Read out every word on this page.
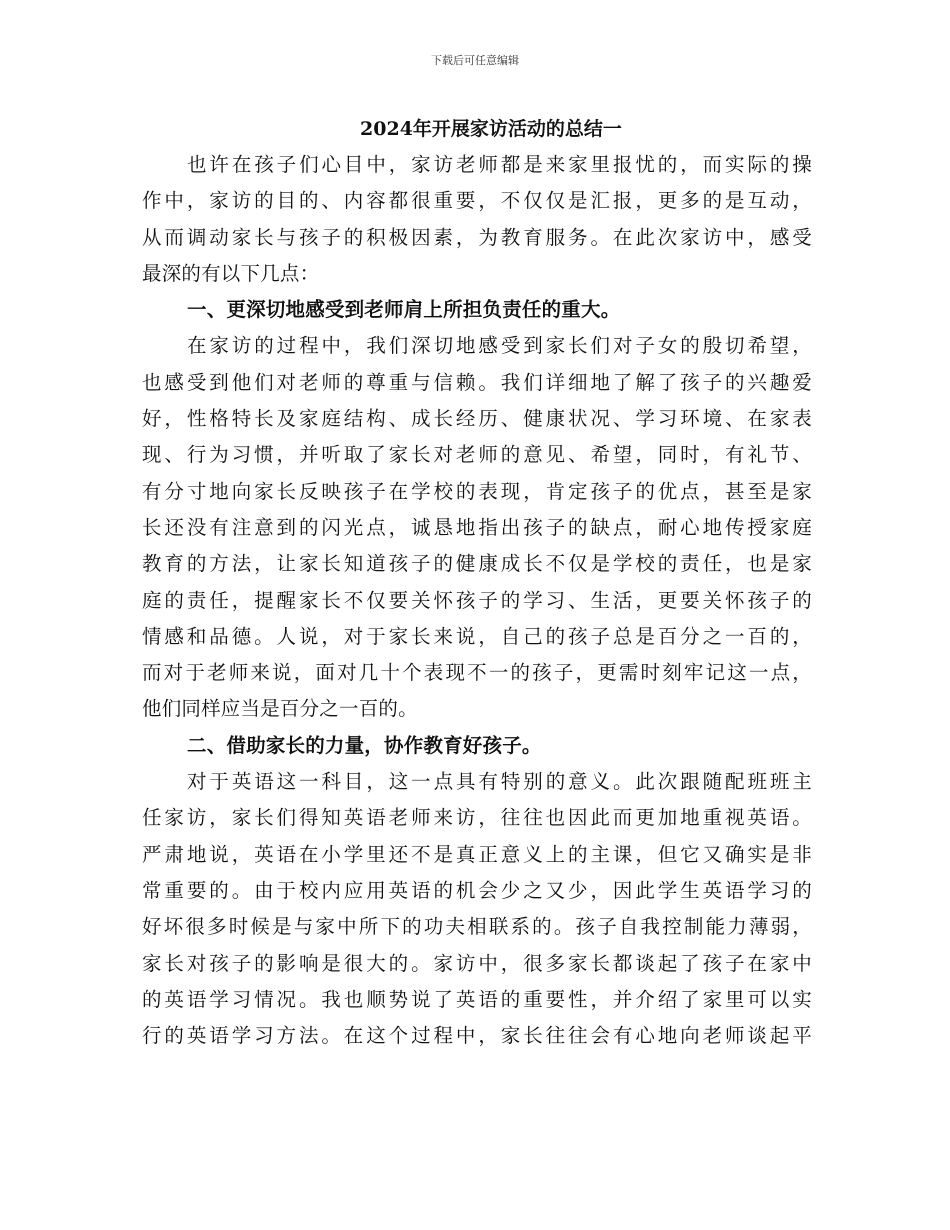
下载后可任意编辑
2024年开展家访活动的总结一
也许在孩子们心目中，家访老师都是来家里报忧的，而实际的操
作中，家访的目的、内容都很重要，不仅仅是汇报，更多的是互动，
从而调动家长与孩子的积极因素，为教育服务。在此次家访中，感受
最深的有以下几点：
一、更深切地感受到老师肩上所担负责任的重大。
在家访的过程中，我们深切地感受到家长们对子女的殷切希望，
也感受到他们对老师的尊重与信赖。我们详细地了解了孩子的兴趣爱
好，性格特长及家庭结构、成长经历、健康状况、学习环境、在家表
现、行为习惯，并听取了家长对老师的意见、希望，同时，有礼节、
有分寸地向家长反映孩子在学校的表现，肯定孩子的优点，甚至是家
长还没有注意到的闪光点，诚恳地指出孩子的缺点，耐心地传授家庭
教育的方法，让家长知道孩子的健康成长不仅是学校的责任，也是家
庭的责任，提醒家长不仅要关怀孩子的学习、生活，更要关怀孩子的
情感和品德。人说，对于家长来说，自己的孩子总是百分之一百的，
而对于老师来说，面对几十个表现不一的孩子，更需时刻牢记这一点，
他们同样应当是百分之一百的。
二、借助家长的力量，协作教育好孩子。
对于英语这一科目，这一点具有特别的意义。此次跟随配班班主
任家访，家长们得知英语老师来访，往往也因此而更加地重视英语。
严肃地说，英语在小学里还不是真正意义上的主课，但它又确实是非
常重要的。由于校内应用英语的机会少之又少，因此学生英语学习的
好坏很多时候是与家中所下的功夫相联系的。孩子自我控制能力薄弱，
家长对孩子的影响是很大的。家访中，很多家长都谈起了孩子在家中
的英语学习情况。我也顺势说了英语的重要性，并介绍了家里可以实
行的英语学习方法。在这个过程中，家长往往会有心地向老师谈起平
